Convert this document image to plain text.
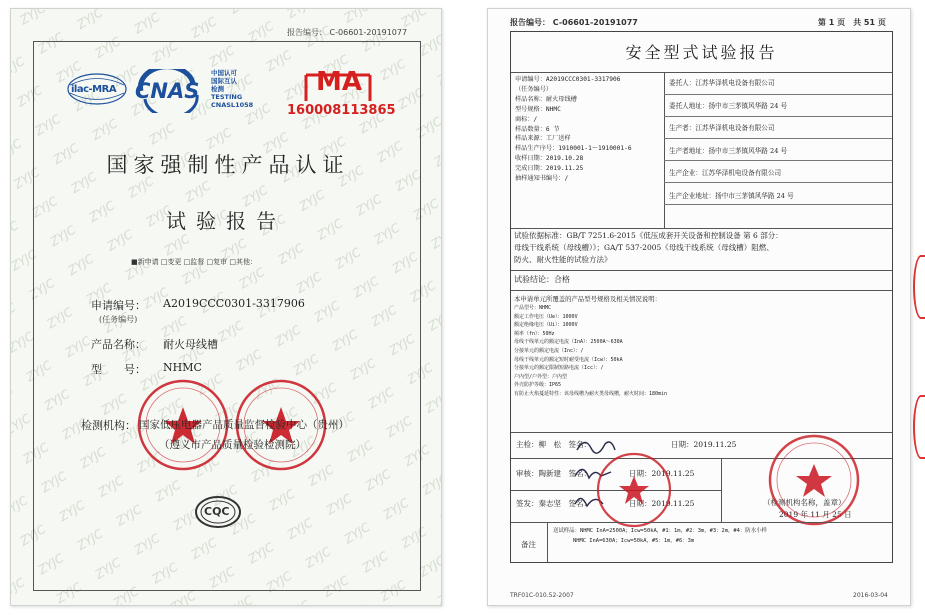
报告编号： C-06601-20191077
ilac-MRA CNAS
中国认可
国际互认
检测
TESTING
CNASL1058
MA
160008113865
国家强制性产品认证
试验报告
■新申请 □变更 □监督 □复审 □其他：
申请编号： A2019CCC0301-3317906
(任务编号)
产品名称： 耐火母线槽
型　　号： NHMC
检测机构： 国家低压电器产品质量监督检验中心（贵州）
（遵义市产品质量检验检测院）
CQC
报告编号： C-06601-20191077	第 1 页　共 51 页
安全型式试验报告
申请编号：A2019CCC0301-3317906
（任务编号）
样品名称：耐火母线槽
型号规格：NHMC
商标：/
样品数量：6 节
样品来源：工厂送样
样品生产序号：1910001-1～1910001-6
收样日期：2019.10.28
完成日期：2019.11.25
抽样通知书编号：/
委托人：江苏华泽机电设备有限公司
委托人地址：扬中市三茅镇风华路 24 号
生产者：江苏华泽机电设备有限公司
生产者地址：扬中市三茅镇风华路 24 号
生产企业：江苏华泽机电设备有限公司
生产企业地址：扬中市三茅镇风华路 24 号
试验依据标准：GB/T 7251.6-2015《低压成套开关设备和控制设备 第 6 部分：
母线干线系统（母线槽）》；GA/T 537-2005《母线干线系统（母线槽）阻燃、
防火、耐火性能的试验方法》
试验结论：合格
本申请单元所覆盖的产品型号规格及相关情况说明：
产品型号：NHMC
额定工作电压（Ue）：1000V
额定绝缘电压（Ui）：1000V
频率（fn）：50Hz
母线干线单元的额定电流（InA）：2500A～630A
分接单元的额定电流（Inc）：/
母线干线单元的额定短时耐受电流（Icw）：50kA
分接单元的额定限制短路电流（Icc）：/
户内型/户外型：户内型
外壳防护等级：IP65
有防止火焰蔓延特性：该母线槽为耐火类母线槽，耐火时间：180min
主检：柳　松　签名：	日期：2019.11.25
审核：陶新建　签名：	日期：2019.11.25
签发：秦志坚　签名：	日期：2019.11.25	（检测机构名称，盖章）
2019 年 11 月 25 日
备注
送试样品：NHMC InA=2500A；Icw=50kA，#1：1m，#2：3m，#3：2m，#4：防水小样
NHMC InA=630A；Icw=50kA，#5：1m，#6：3m
TRF01C-010.52-2007	2016-03-04
